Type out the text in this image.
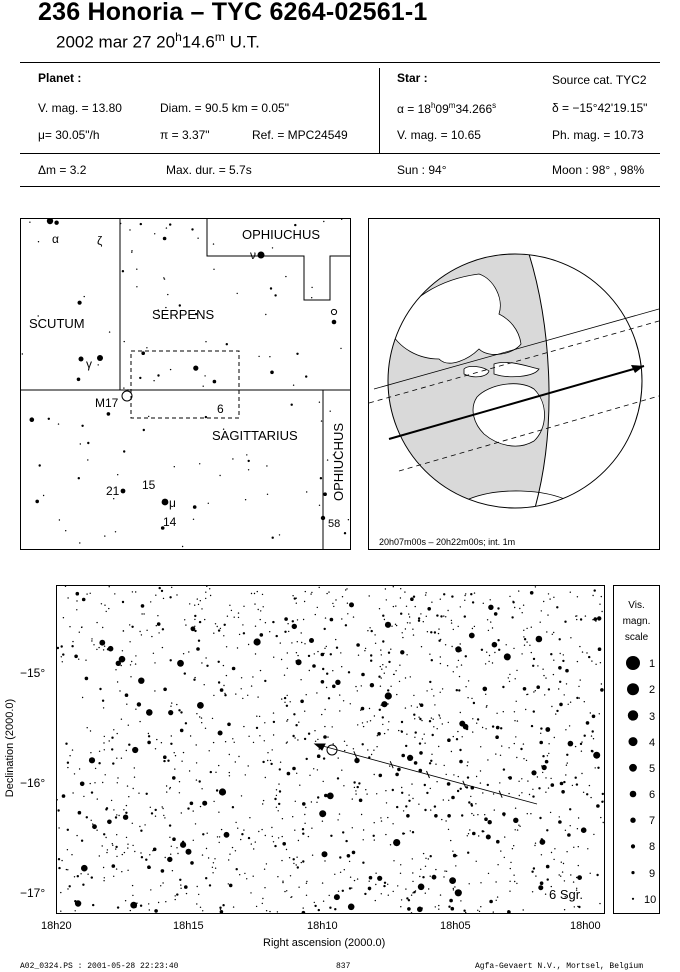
236 Honoria – TYC 6264-02561-1
2002 mar 27 20$^h$14.6$^m$ U.T.
Planet :
V. mag. = 13.80	Diam. = 90.5 km = 0.05"
μ= 30.05"/h	π = 3.37"	Ref. = MPC24549
Δm = 3.2	Max. dur. = 5.7s
Star :	Source cat. TYC2
$\alpha = 18^h09^m34.266^s$	δ = −15°42'19.15"
V. mag. = 10.65	Ph. mag. = 10.73
Sun : 94°	Moon : 98° , 98%
OPHIUCHUS
SERPENS
SCUTUM
SAGITTARIUS	OPHIUCHUS
α	ζ
ν
γ
M17	6
21 15
μ
14	58
20h07m00s – 20h22m00s; int. 1m
6 Sgr.
−15°
−16°
−17°
Declination (2000.0)
18h20	18h15	18h10	18h05	18h00
Right ascension (2000.0)
Vis.
magn.
scale
1
2
3
4
5
6
7
8
9
10
A02_0324.PS : 2001-05-28 22:23:40	837	Agfa-Gevaert N.V., Mortsel, Belgium
